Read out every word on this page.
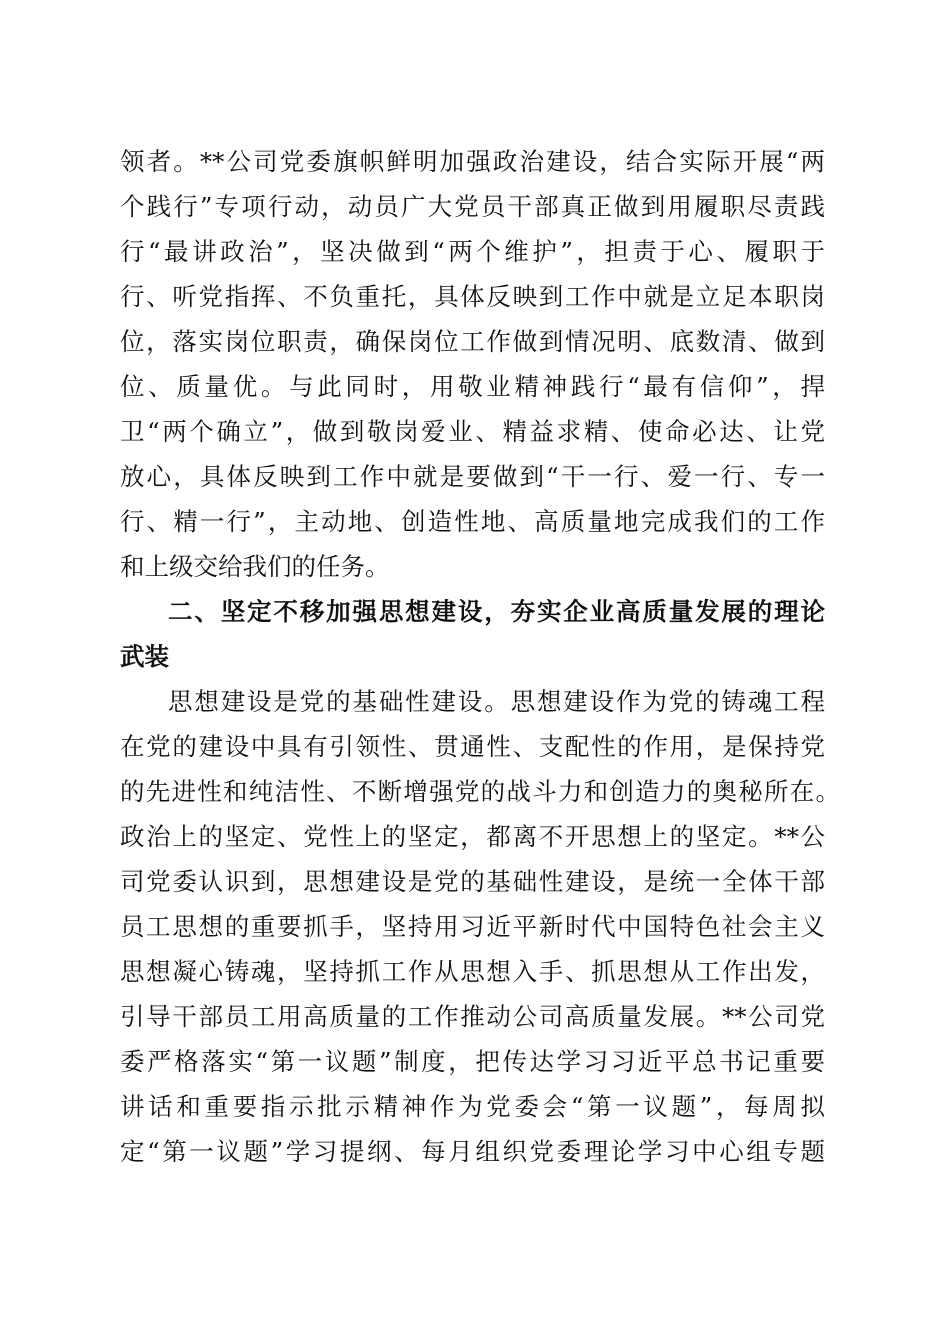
领者。**公司党委旗帜鲜明加强政治建设，结合实际开展“两
个践行”专项行动，动员广大党员干部真正做到用履职尽责践
行“最讲政治”，坚决做到“两个维护”，担责于心、履职于
行、听党指挥、不负重托，具体反映到工作中就是立足本职岗
位，落实岗位职责，确保岗位工作做到情况明、底数清、做到
位、质量优。与此同时，用敬业精神践行“最有信仰”，捍
卫“两个确立”，做到敬岗爱业、精益求精、使命必达、让党
放心，具体反映到工作中就是要做到“干一行、爱一行、专一
行、精一行”，主动地、创造性地、高质量地完成我们的工作
和上级交给我们的任务。
二、坚定不移加强思想建设，夯实企业高质量发展的理论
武装
思想建设是党的基础性建设。思想建设作为党的铸魂工程
在党的建设中具有引领性、贯通性、支配性的作用，是保持党
的先进性和纯洁性、不断增强党的战斗力和创造力的奥秘所在。
政治上的坚定、党性上的坚定，都离不开思想上的坚定。**公
司党委认识到，思想建设是党的基础性建设，是统一全体干部
员工思想的重要抓手，坚持用习近平新时代中国特色社会主义
思想凝心铸魂，坚持抓工作从思想入手、抓思想从工作出发，
引导干部员工用高质量的工作推动公司高质量发展。**公司党
委严格落实“第一议题”制度，把传达学习习近平总书记重要
讲话和重要指示批示精神作为党委会“第一议题”，每周拟
定“第一议题”学习提纲、每月组织党委理论学习中心组专题
